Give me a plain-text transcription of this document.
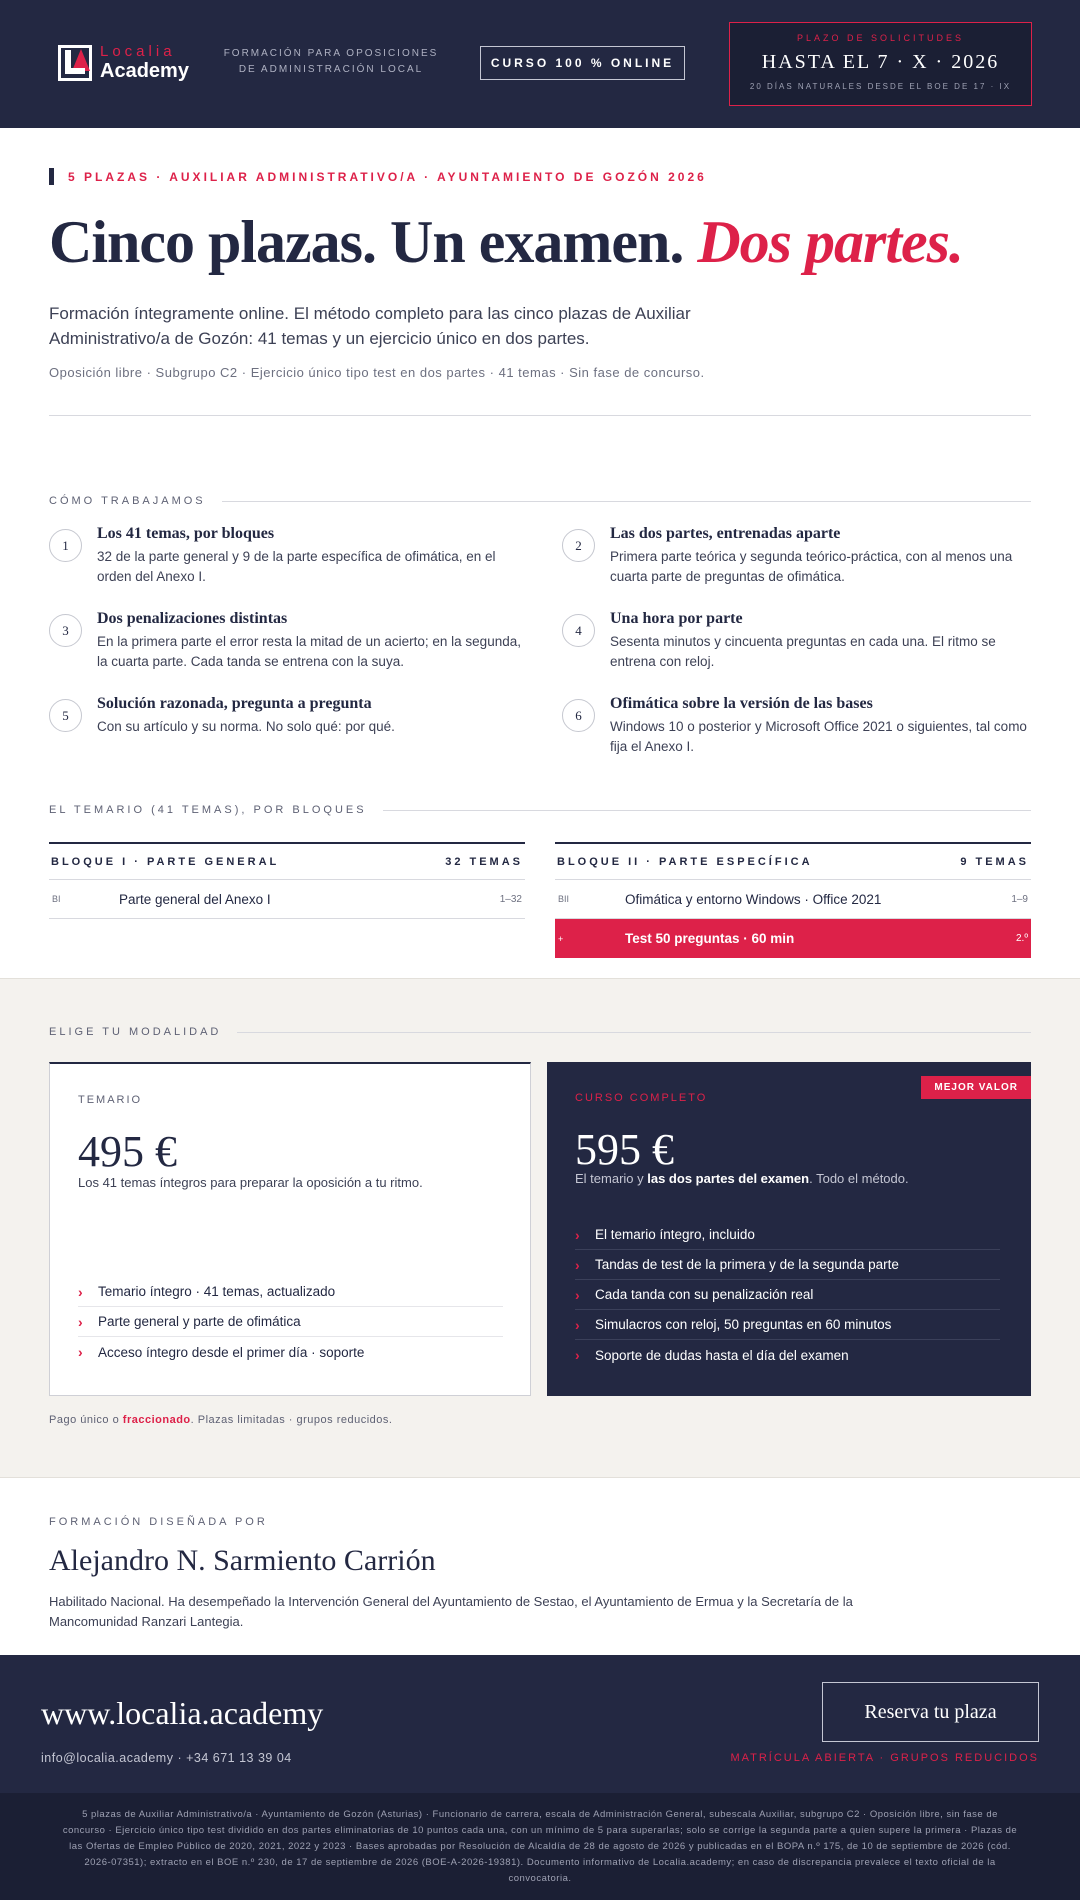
Localia
Academy
FORMACIÓN PARA OPOSICIONES
DE ADMINISTRACIÓN LOCAL	CURSO 100 % ONLINE
PLAZO DE SOLICITUDES
HASTA EL 7 · X · 2026
20 DÍAS NATURALES DESDE EL BOE DE 17 · IX
5 PLAZAS · AUXILIAR ADMINISTRATIVO/A · AYUNTAMIENTO DE GOZÓN 2026
Cinco plazas. Un examen. Dos partes.

Formación íntegramente online. El método completo para las cinco plazas de Auxiliar Administrativo/a de Gozón: 41 temas y un ejercicio único en dos partes.

Oposición libre · Subgrupo C2 · Ejercicio único tipo test en dos partes · 41 temas · Sin fase de concurso.

CÓMO TRABAJAMOS
1
Los 41 temas, por bloques
32 de la parte general y 9 de la parte específica de ofimática, en el orden del Anexo I.
2
Las dos partes, entrenadas aparte
Primera parte teórica y segunda teórico-práctica, con al menos una cuarta parte de preguntas de ofimática.
3
Dos penalizaciones distintas
En la primera parte el error resta la mitad de un acierto; en la segunda, la cuarta parte. Cada tanda se entrena con la suya.
4
Una hora por parte
Sesenta minutos y cincuenta preguntas en cada una. El ritmo se entrena con reloj.
5
Solución razonada, pregunta a pregunta
Con su artículo y su norma. No solo qué: por qué.
6
Ofimática sobre la versión de las bases
Windows 10 o posterior y Microsoft Office 2021 o siguientes, tal como fija el Anexo I.
EL TEMARIO (41 TEMAS), POR BLOQUES
BLOQUE I · PARTE GENERAL	32 TEMAS
BI	Parte general del Anexo I	1–32
BLOQUE II · PARTE ESPECÍFICA	9 TEMAS
BII	Ofimática y entorno Windows · Office 2021	1–9
+	Test 50 preguntas · 60 min	2.º
ELIGE TU MODALIDAD
TEMARIO
495 €
Los 41 temas íntegros para preparar la oposición a tu ritmo.
›	Temario íntegro · 41 temas, actualizado
›	Parte general y parte de ofimática
›	Acceso íntegro desde el primer día · soporte
MEJOR VALOR
CURSO COMPLETO
595 €
El temario y las dos partes del examen. Todo el método.
›	El temario íntegro, incluido
›	Tandas de test de la primera y de la segunda parte
›	Cada tanda con su penalización real
›	Simulacros con reloj, 50 preguntas en 60 minutos
›	Soporte de dudas hasta el día del examen

Pago único o fraccionado. Plazas limitadas · grupos reducidos.

FORMACIÓN DISEÑADA POR
Alejandro N. Sarmiento Carrión

Habilitado Nacional. Ha desempeñado la Intervención General del Ayuntamiento de Sestao, el Ayuntamiento de Ermua y la Secretaría de la Mancomunidad Ranzari Lantegia.

www.localia.academy
info@localia.academy · +34 671 13 39 04
Reserva tu plaza
MATRÍCULA ABIERTA · GRUPOS REDUCIDOS
5 plazas de Auxiliar Administrativo/a · Ayuntamiento de Gozón (Asturias) · Funcionario de carrera, escala de Administración General, subescala Auxiliar, subgrupo C2 · Oposición libre, sin fase de concurso · Ejercicio único tipo test dividido en dos partes eliminatorias de 10 puntos cada una, con un mínimo de 5 para superarlas; solo se corrige la segunda parte a quien supere la primera · Plazas de las Ofertas de Empleo Público de 2020, 2021, 2022 y 2023 · Bases aprobadas por Resolución de Alcaldía de 28 de agosto de 2026 y publicadas en el BOPA n.º 175, de 10 de septiembre de 2026 (cód. 2026-07351); extracto en el BOE n.º 230, de 17 de septiembre de 2026 (BOE-A-2026-19381). Documento informativo de Localia.academy; en caso de discrepancia prevalece el texto oficial de la convocatoria.
